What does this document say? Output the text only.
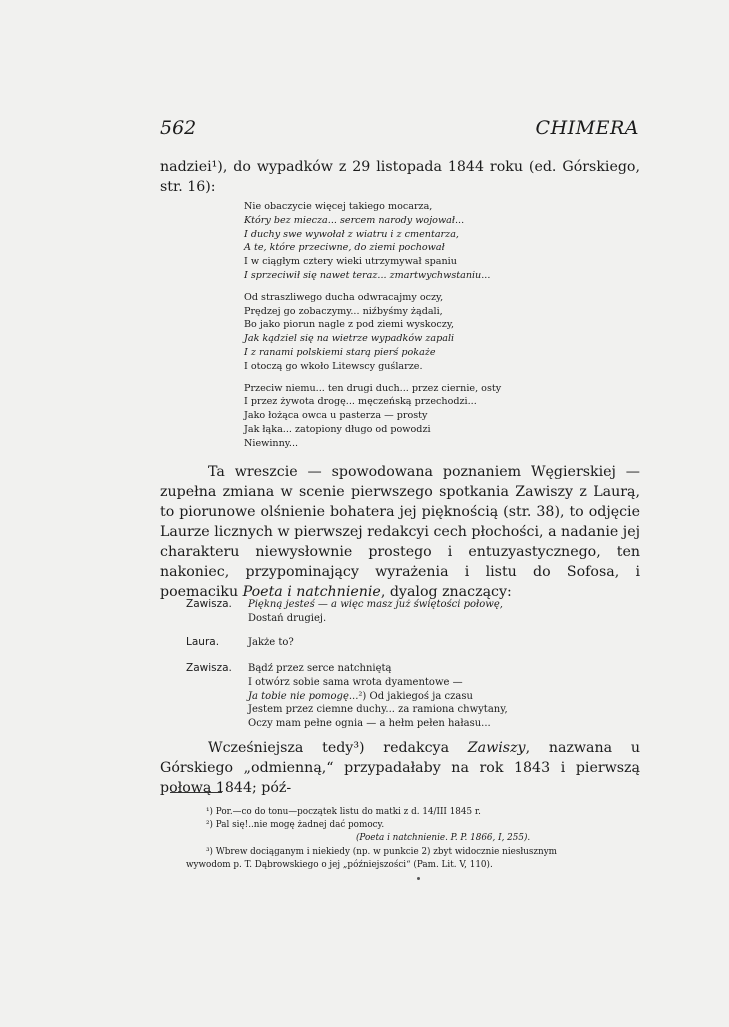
562	CHIMERA

nadziei¹), do wypadków z 29 listopada 1844 roku (ed. Górskiego, str. 16):

Nie obaczycie więcej takiego mocarza,
Który bez miecza... sercem narody wojował...
I duchy swe wywołał z wiatru i z cmentarza,
A te, które przeciwne, do ziemi pochował
I w ciągłym cztery wieki utrzymywał spaniu
I sprzeciwił się nawet teraz... zmartwychwstaniu...
Od straszliwego ducha odwracajmy oczy,
Prędzej go zobaczymy... niźbyśmy żądali,
Bo jako piorun nagle z pod ziemi wyskoczy,
Jak kądziel się na wietrze wypadków zapali
I z ranami polskiemi starą pierś pokaże
I otoczą go wkoło Litewscy guślarze.
Przeciw niemu... ten drugi duch... przez ciernie, osty
I przez żywota drogę... męczeńską przechodzi...
Jako łożąca owca u pasterza — prosty
Jak łąka... zatopiony długo od powodzi
Niewinny...

Ta wreszcie — spowodowana poznaniem Węgierskiej — zupełna zmiana w scenie pierwszego spotkania Zawiszy z Laurą, to piorunowe olśnienie bohatera jej pięknością (str. 38), to odjęcie Laurze licznych w pierwszej redakcyi cech płochości, a nadanie jej charakteru niewysłownie prostego i entuzyastycznego, ten nakoniec, przypominający wyrażenia i listu do Sofosa, i poemaciku Poeta i natchnienie, dyalog znaczący:

Zawisza. Piękną jesteś — a więc masz już świętości połowę,
Dostań drugiej.
Laura.	Jakże to?
Zawisza. Bądź przez serce natchniętą
I otwórz sobie sama wrota dyamentowe —
Ja tobie nie pomogę...²) Od jakiegoś ja czasu
Jestem przez ciemne duchy... za ramiona chwytany,
Oczy mam pełne ognia — a hełm pełen hałasu...

Wcześniejsza tedy³) redakcya Zawiszy, nazwana u Górskiego „odmienną,“ przypadałaby na rok 1843 i pierwszą połową 1844; póź-

¹) Por.—co do tonu—początek listu do matki z d. 14/III 1845 r.
²) Pal się!..nie mogę żadnej dać pomocy.
(Poeta i natchnienie. P. P. 1866, I, 255).
³) Wbrew dociąganym i niekiedy (np. w punkcie 2) zbyt widocznie niesłusznym
wywodom p. T. Dąbrowskiego o jej „późniejszości“ (Pam. Lit. V, 110).
